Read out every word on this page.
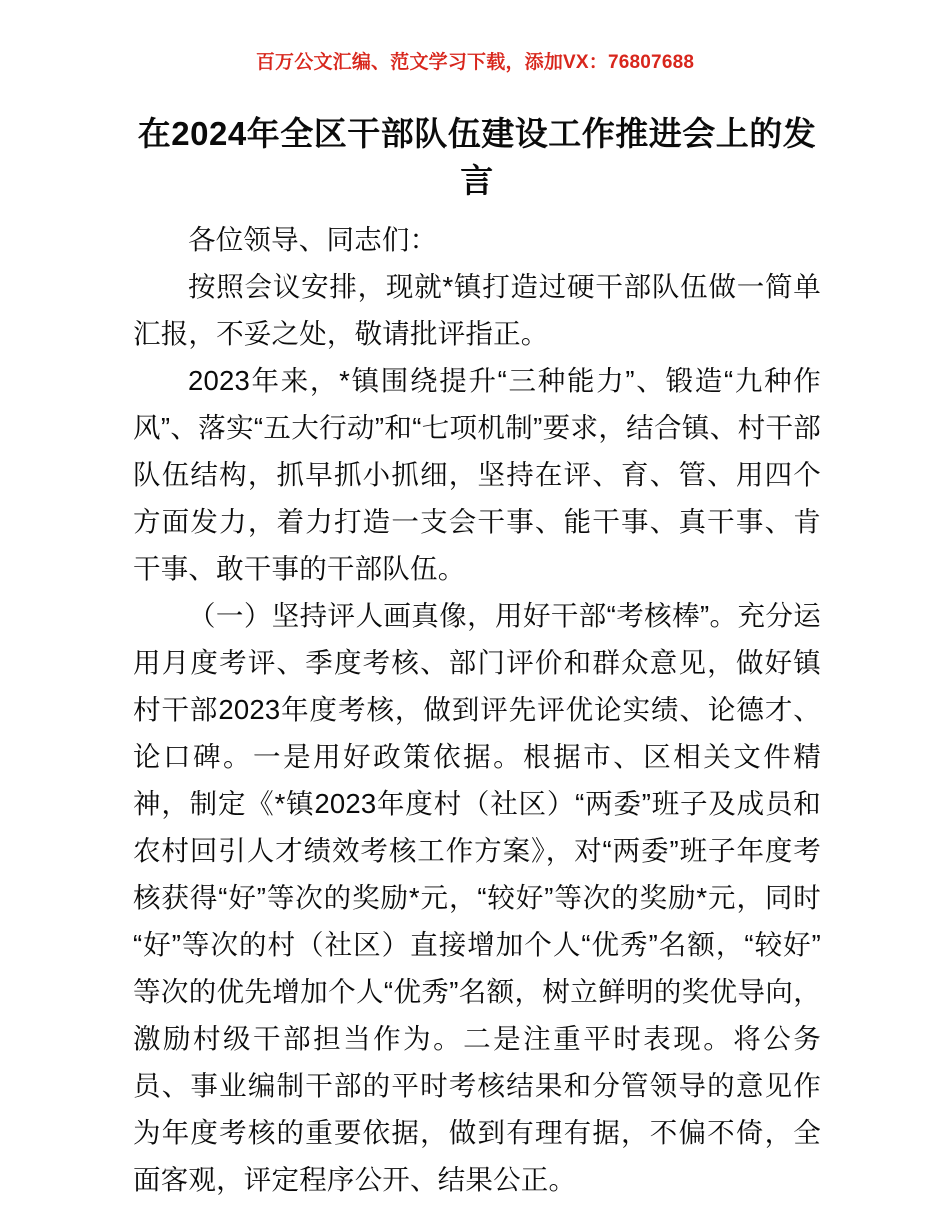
百万公文汇编、范文学习下载，添加VX：76807688
在2024年全区干部队伍建设工作推进会上的发言

各位领导、同志们：

按照会议安排，现就*镇打造过硬干部队伍做一简单汇报，不妥之处，敬请批评指正。

2023年来，*镇围绕提升“三种能力”、锻造“九种作风”、落实“五大行动”和“七项机制”要求，结合镇、村干部队伍结构，抓早抓小抓细，坚持在评、育、管、用四个方面发力，着力打造一支会干事、能干事、真干事、肯干事、敢干事的干部队伍。

（一）坚持评人画真像，用好干部“考核棒”。充分运用月度考评、季度考核、部门评价和群众意见，做好镇村干部2023年度考核，做到评先评优论实绩、论德才、论口碑。一是用好政策依据。根据市、区相关文件精神，制定《*镇2023年度村（社区）“两委”班子及成员和农村回引人才绩效考核工作方案》，对“两委”班子年度考核获得“好”等次的奖励*元，“较好”等次的奖励*元，同时“好”等次的村（社区）直接增加个人“优秀”名额，“较好”等次的优先增加个人“优秀”名额，树立鲜明的奖优导向，激励村级干部担当作为。二是注重平时表现。将公务员、事业编制干部的平时考核结果和分管领导的意见作为年度考核的重要依据，做到有理有据，不偏不倚，全面客观，评定程序公开、结果公正。
